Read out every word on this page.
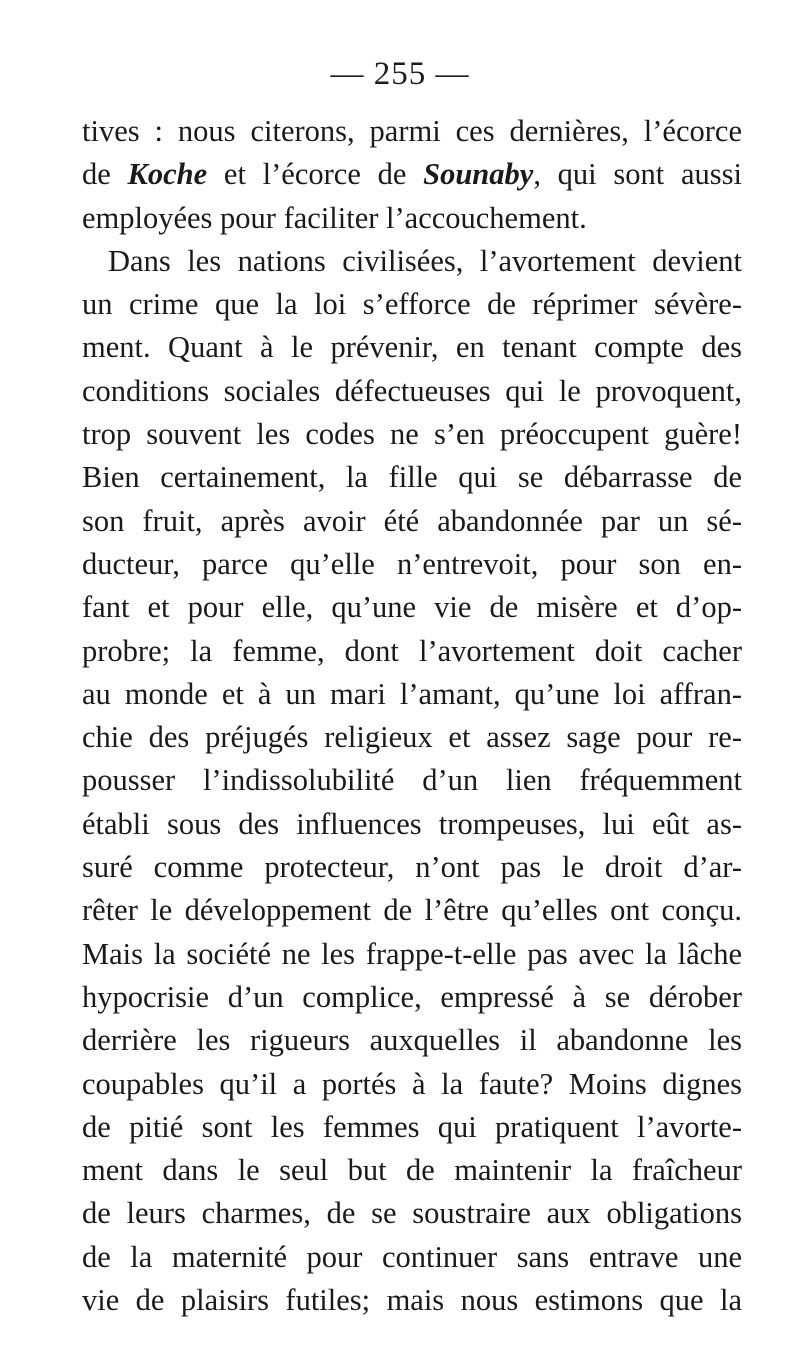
— 255 —
tives : nous citerons, parmi ces dernières, l’écorce
de Koche et l’écorce de Sounaby, qui sont aussi
employées pour faciliter l’accouchement.
Dans les nations civilisées, l’avortement devient
un crime que la loi s’efforce de réprimer sévère-
ment. Quant à le prévenir, en tenant compte des
conditions sociales défectueuses qui le provoquent,
trop souvent les codes ne s’en préoccupent guère!
Bien certainement, la fille qui se débarrasse de
son fruit, après avoir été abandonnée par un sé-
ducteur, parce qu’elle n’entrevoit, pour son en-
fant et pour elle, qu’une vie de misère et d’op-
probre; la femme, dont l’avortement doit cacher
au monde et à un mari l’amant, qu’une loi affran-
chie des préjugés religieux et assez sage pour re-
pousser l’indissolubilité d’un lien fréquemment
établi sous des influences trompeuses, lui eût as-
suré comme protecteur, n’ont pas le droit d’ar-
rêter le développement de l’être qu’elles ont conçu.
Mais la société ne les frappe-t-elle pas avec la lâche
hypocrisie d’un complice, empressé à se dérober
derrière les rigueurs auxquelles il abandonne les
coupables qu’il a portés à la faute? Moins dignes
de pitié sont les femmes qui pratiquent l’avorte-
ment dans le seul but de maintenir la fraîcheur
de leurs charmes, de se soustraire aux obligations
de la maternité pour continuer sans entrave une
vie de plaisirs futiles; mais nous estimons que la
